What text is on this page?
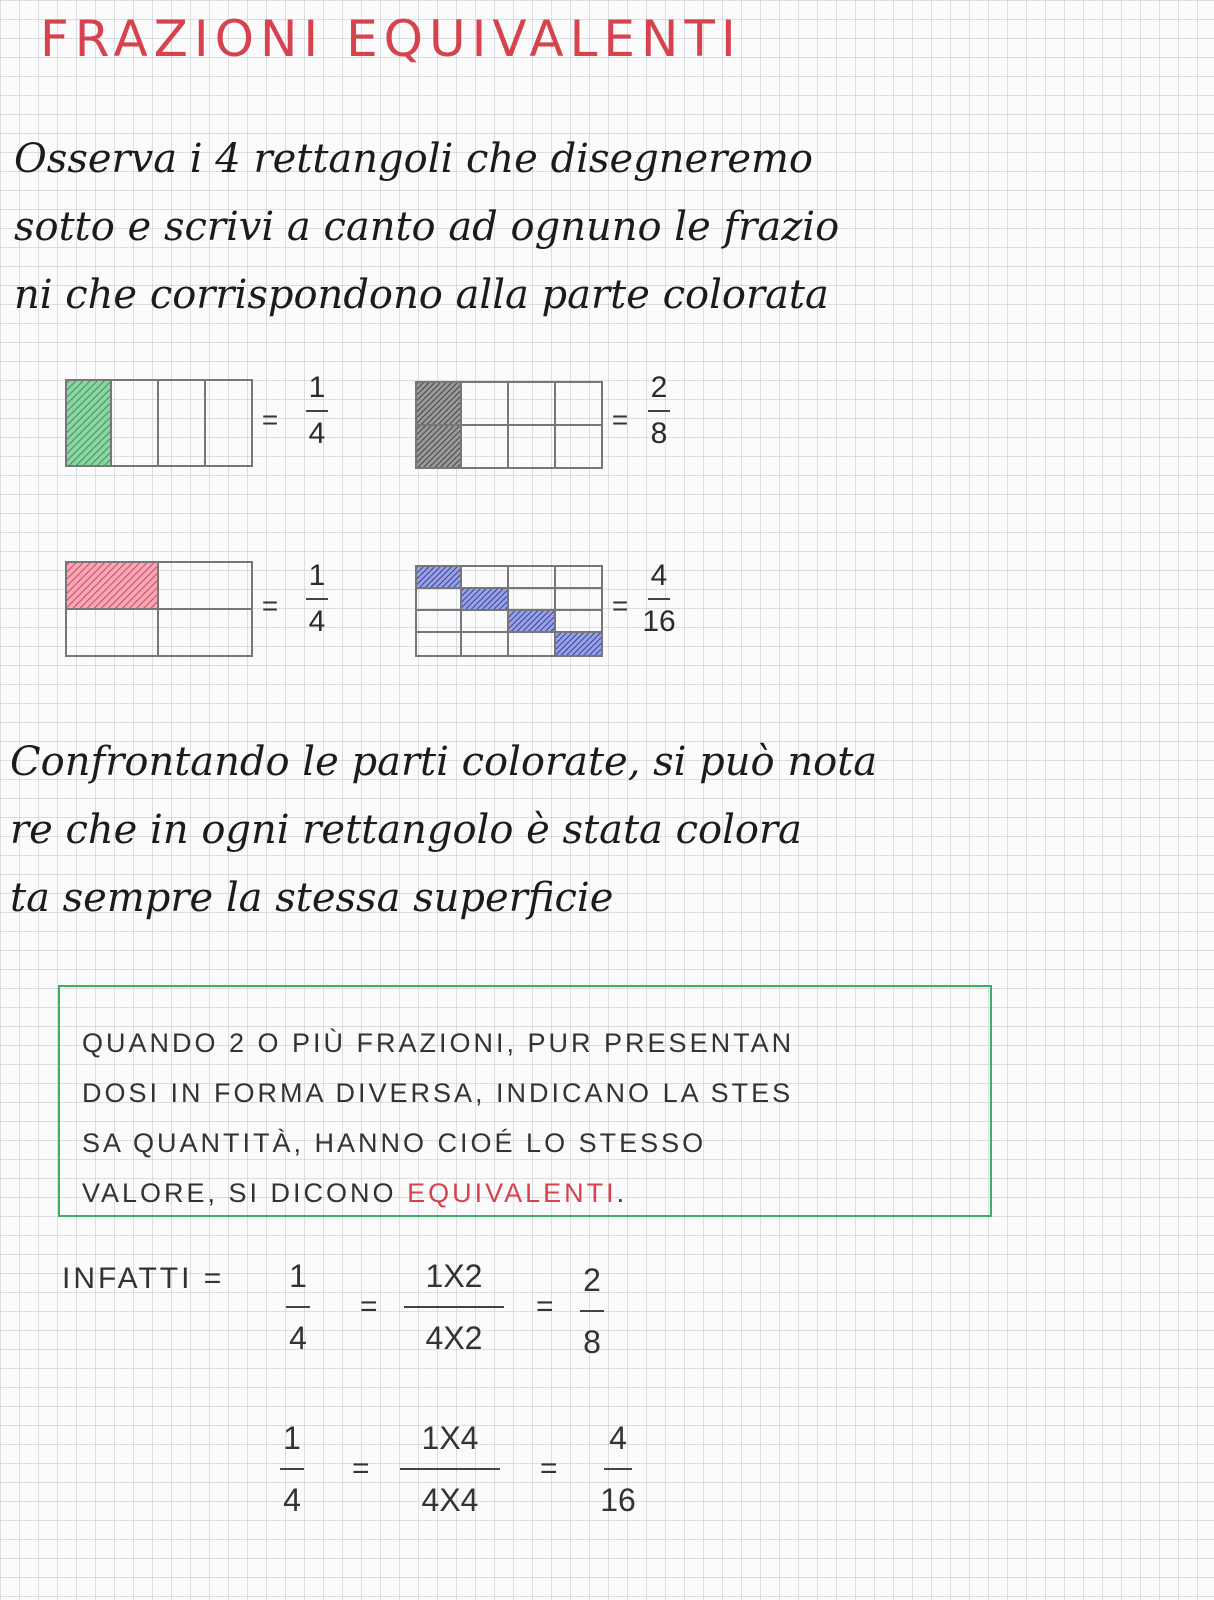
FRAZIONI EQUIVALENTI

Osserva i 4 rettangoli che disegneremo
sotto e scrivi a canto ad ognuno le frazio
ni che corrispondono alla parte colorata

=
1
4	=
2
8
=
1
4	=
4
16

Confrontando le parti colorate, si può nota
re che in ogni rettangolo è stata colora
ta sempre la stessa superficie

QUANDO 2 O PIÙ FRAZIONI, PUR PRESENTAN
DOSI IN FORMA DIVERSA, INDICANO LA STES
SA QUANTITÀ, HANNO CIOÉ LO STESSO
VALORE, SI DICONO EQUIVALENTI.

INFATTI =	1
4
=
1X2
4X2
=
2
8
1
4
=
1X4
4X4
=
4
16
